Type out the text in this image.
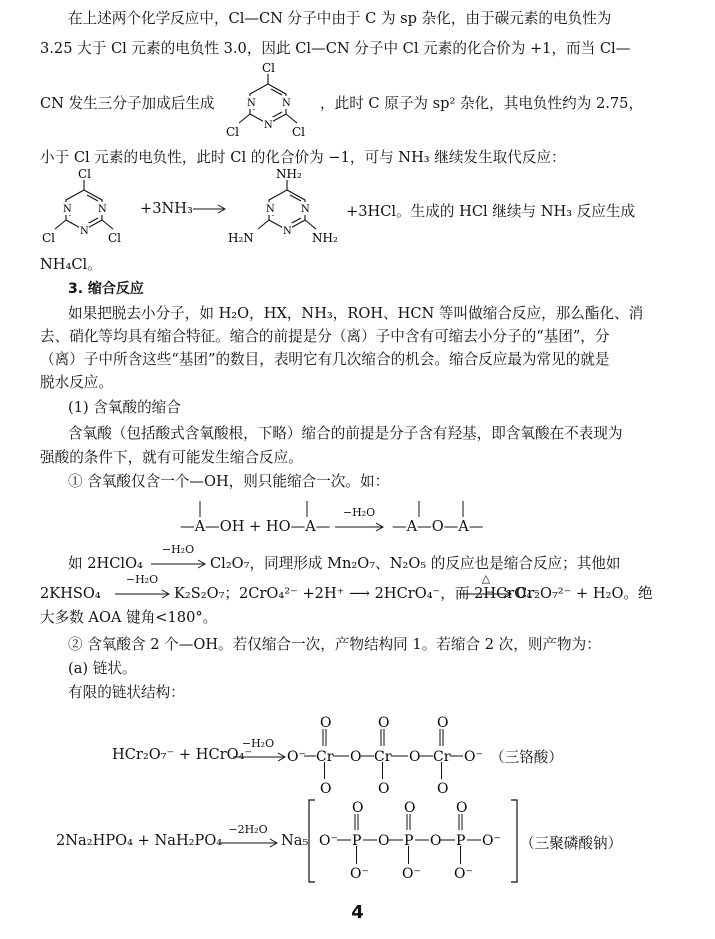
在上述两个化学反应中，Cl—CN 分子中由于 C 为 sp 杂化，由于碳元素的电负性为
3.25 大于 Cl 元素的电负性 3.0，因此 Cl—CN 分子中 Cl 元素的化合价为 +1，而当 Cl—
CN 发生三分子加成后生成	，此时 C 原子为 sp² 杂化，其电负性约为 2.75，
Cl
N
N
N Cl
Cl
小于 Cl 元素的电负性，此时 Cl 的化合价为 −1，可与 NH₃ 继续发生取代反应：
Cl
N
N
N Cl
Cl
+3NH₃ →
NH₂
N
N
N NH₂
H₂N
+3HCl。生成的 HCl 继续与 NH₃ 反应生成
NH₄Cl。
3. 缩合反应
如果把脱去小分子，如 H₂O，HX，NH₃，ROH、HCN 等叫做缩合反应，那么酯化、消
去、硝化等均具有缩合特征。缩合的前提是分（离）子中含有可缩去小分子的“基团”，分
（离）子中所含这些“基团”的数目，表明它有几次缩合的机会。缩合反应最为常见的就是
脱水反应。
(1) 含氧酸的缩合
含氧酸（包括酸式含氧酸根，下略）缩合的前提是分子含有羟基，即含氧酸在不表现为
强酸的条件下，就有可能发生缩合反应。
① 含氧酸仅含一个—OH，则只能缩合一次。如：
—A—OH + HO—A—
−H₂O
→ —A—O—A—
如 2HClO₄
−H₂O
→ Cl₂O₇，同理形成 Mn₂O₇、N₂O₅ 的反应也是缩合反应；其他如
2KHSO₄
−H₂O
→ K₂S₂O₇；2CrO₄²⁻ +2H⁺ ⟶ 2HCrO₄⁻，而 2HCrO₄⁻
△
→ Cr₂O₇²⁻ + H₂O。绝
大多数 AOA 键角<180°。
② 含氧酸含 2 个—OH。若仅缩合一次，产物结构同 1。若缩合 2 次，则产物为：
(a) 链状。
有限的链状结构：
HCr₂O₇⁻ + HCrO₄⁻
−H₂O
→ O⁻ Cr O Cr O Cr O⁻
O	O	O
O	O	O
（三铬酸）
2Na₂HPO₄ + NaH₂PO₄
−2H₂O
→ Na₅ O⁻ P O P O P O⁻
O	O	O
O⁻ O⁻ O⁻
（三聚磷酸钠）
4
